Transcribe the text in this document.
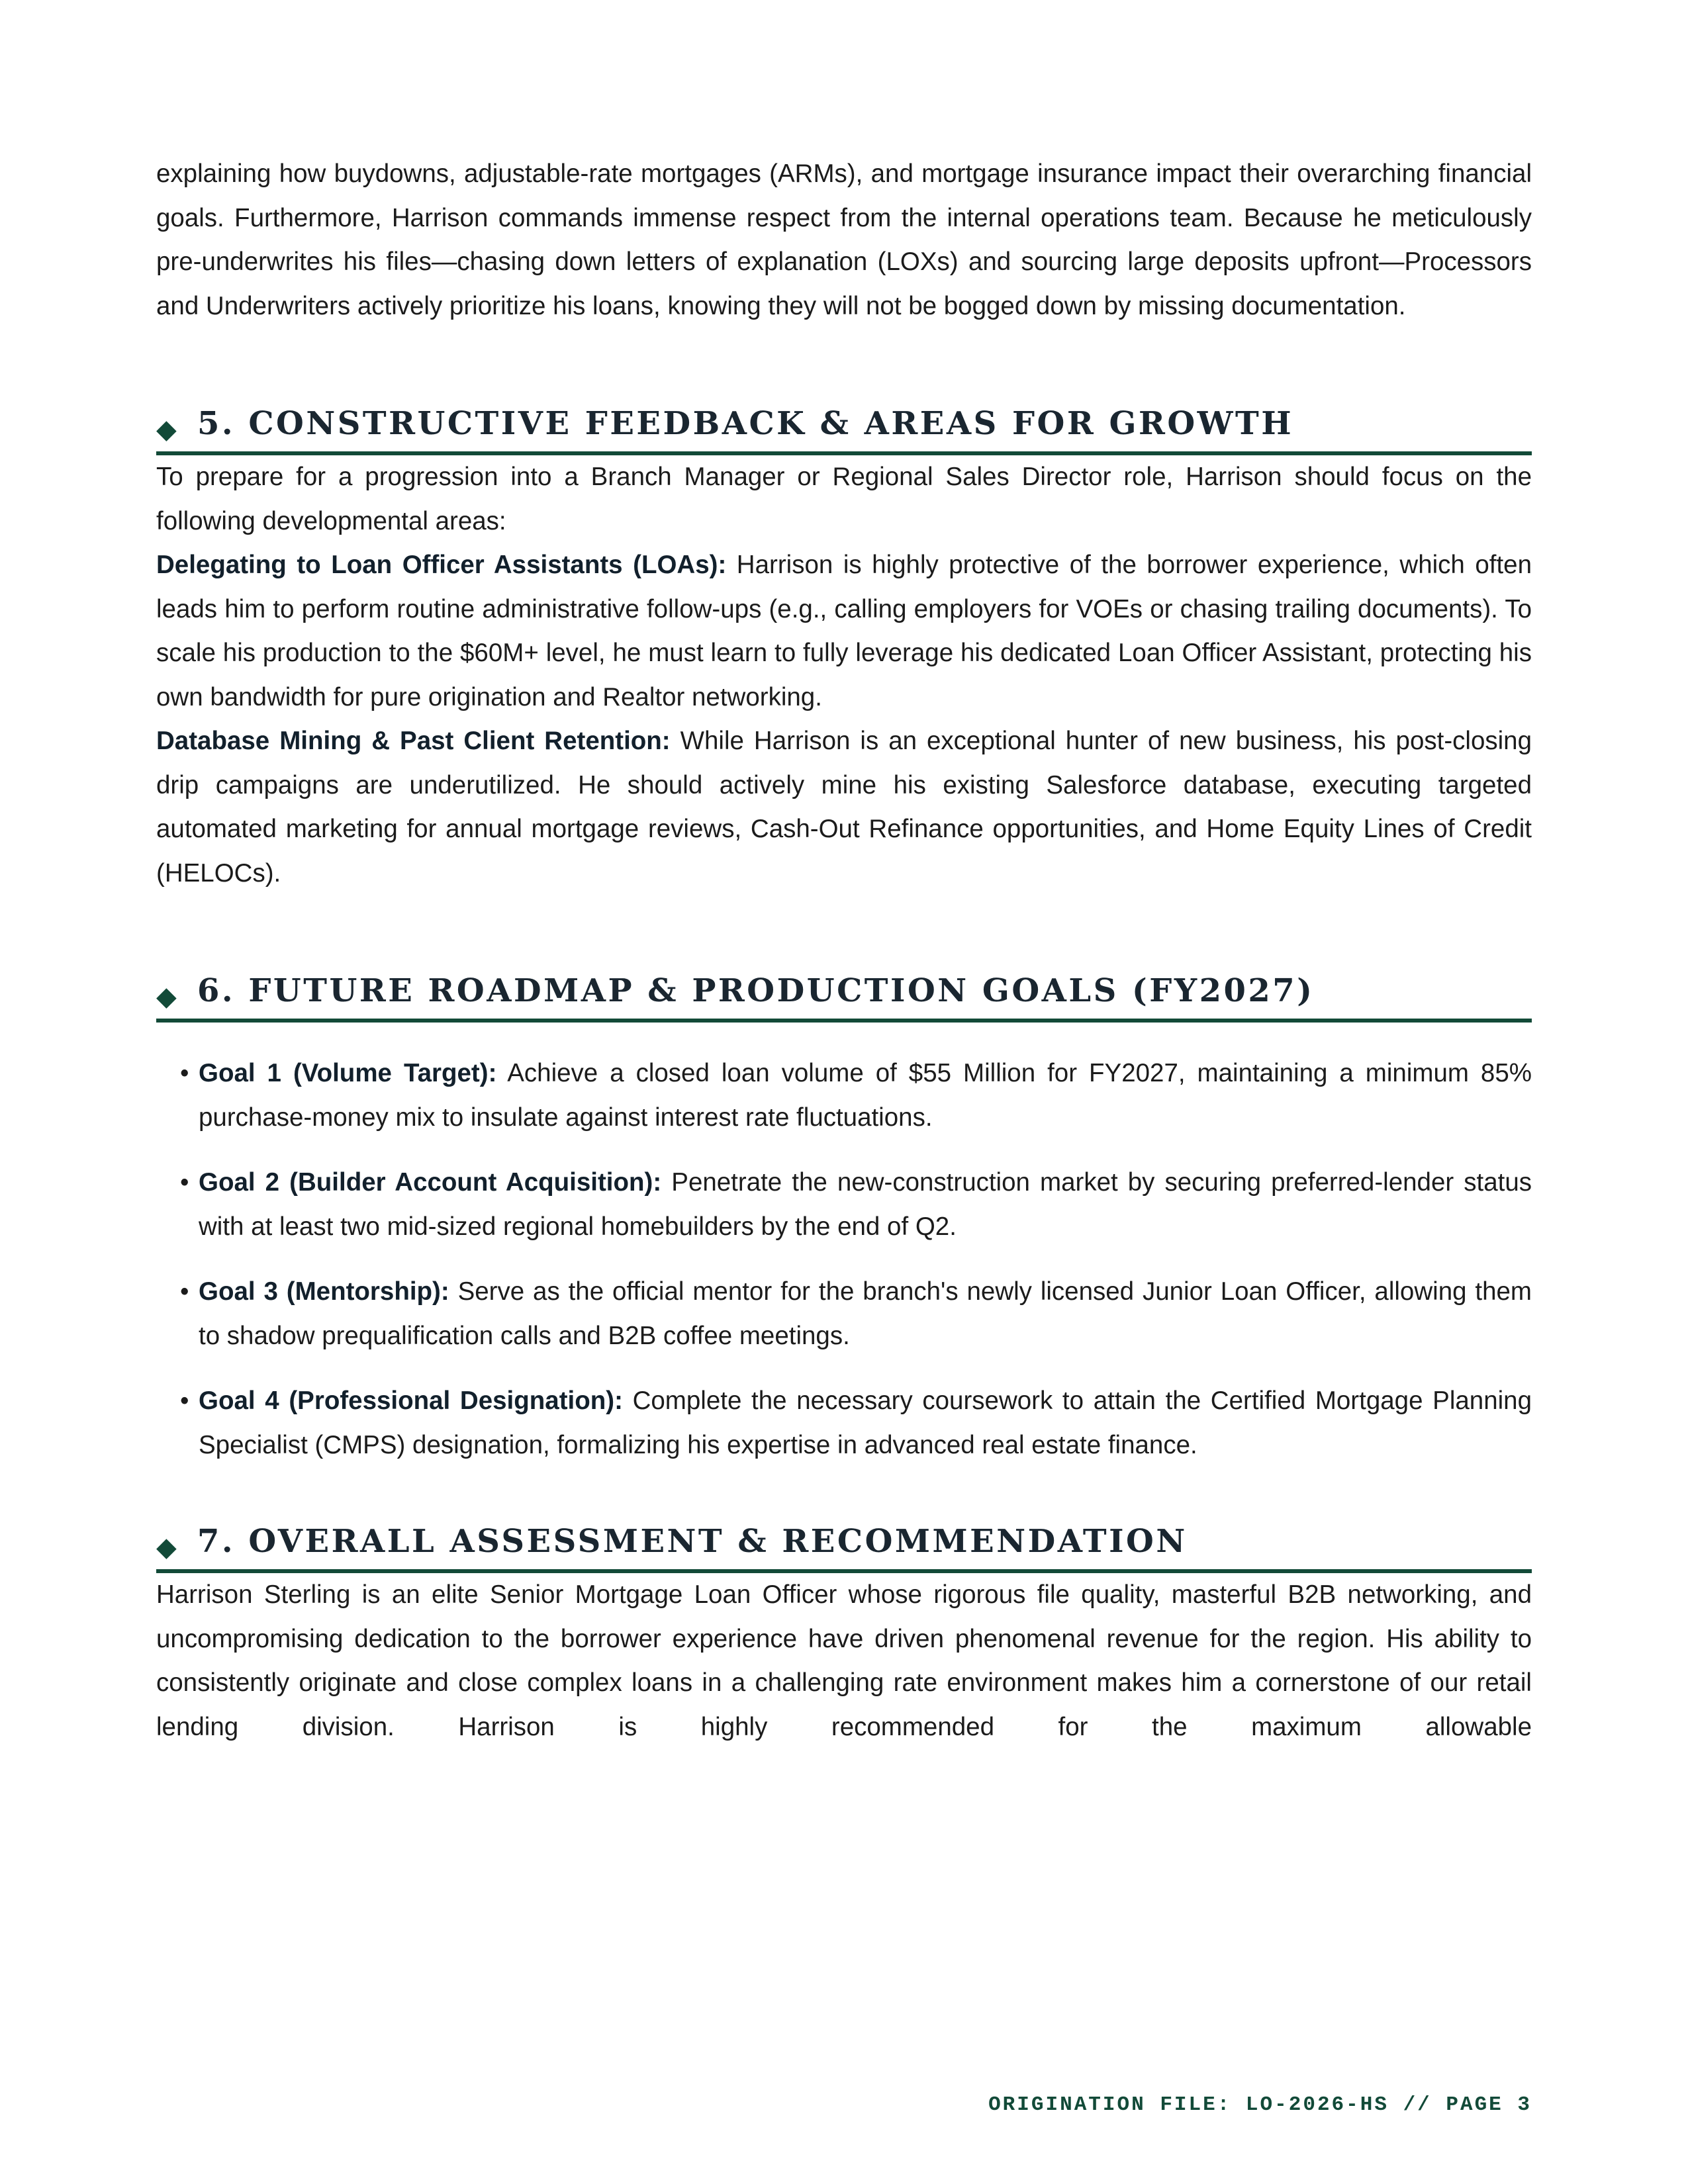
explaining how buydowns, adjustable-rate mortgages (ARMs), and mortgage insurance impact their overarching financial goals. Furthermore, Harrison commands immense respect from the internal operations team. Because he meticulously pre-underwrites his files—chasing down letters of explanation (LOXs) and sourcing large deposits upfront—Processors and Underwriters actively prioritize his loans, knowing they will not be bogged down by missing documentation.

◆ 5. CONSTRUCTIVE FEEDBACK & AREAS FOR GROWTH

To prepare for a progression into a Branch Manager or Regional Sales Director role, Harrison should focus on the following developmental areas:

Delegating to Loan Officer Assistants (LOAs): Harrison is highly protective of the borrower experience, which often leads him to perform routine administrative follow-ups (e.g., calling employers for VOEs or chasing trailing documents). To scale his production to the $60M+ level, he must learn to fully leverage his dedicated Loan Officer Assistant, protecting his own bandwidth for pure origination and Realtor networking.

Database Mining & Past Client Retention: While Harrison is an exceptional hunter of new business, his post-closing drip campaigns are underutilized. He should actively mine his existing Salesforce database, executing targeted automated marketing for annual mortgage reviews, Cash-Out Refinance opportunities, and Home Equity Lines of Credit (HELOCs).

◆ 6. FUTURE ROADMAP & PRODUCTION GOALS (FY2027)
• Goal 1 (Volume Target): Achieve a closed loan volume of $55 Million for FY2027, maintaining a minimum 85% purchase-money mix to insulate against interest rate fluctuations.
• Goal 2 (Builder Account Acquisition): Penetrate the new-construction market by securing preferred-lender status with at least two mid-sized regional homebuilders by the end of Q2.
• Goal 3 (Mentorship): Serve as the official mentor for the branch's newly licensed Junior Loan Officer, allowing them to shadow prequalification calls and B2B coffee meetings.
• Goal 4 (Professional Designation): Complete the necessary coursework to attain the Certified Mortgage Planning Specialist (CMPS) designation, formalizing his expertise in advanced real estate finance.
◆ 7. OVERALL ASSESSMENT & RECOMMENDATION

Harrison Sterling is an elite Senior Mortgage Loan Officer whose rigorous file quality, masterful B2B networking, and uncompromising dedication to the borrower experience have driven phenomenal revenue for the region. His ability to consistently originate and close complex loans in a challenging rate environment makes him a cornerstone of our retail lending division. Harrison is highly recommended for the maximum allowable

ORIGINATION FILE: LO-2026-HS // PAGE 3
